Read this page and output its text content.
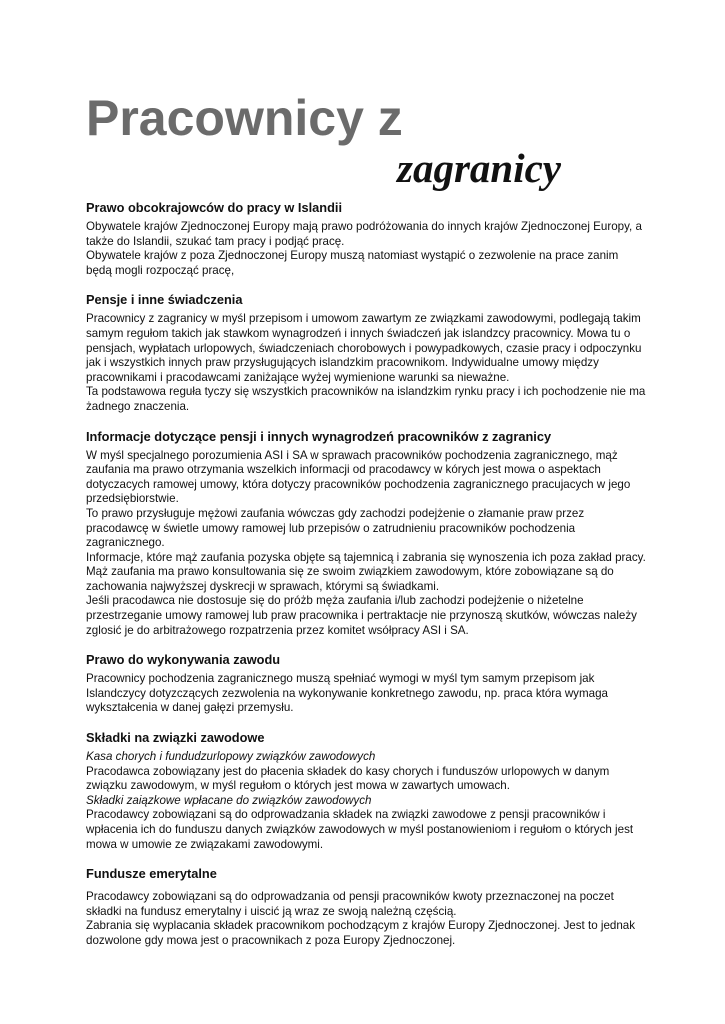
Pracownicy z
zagranicy
Prawo obcokrajowców do pracy w Islandii

Obywatele krajów Zjednoczonej Europy mają prawo podróżowania do innych krajów Zjednoczonej Europy, a także do Islandii, szukać tam pracy i podjąć pracę.

Obywatele krajów z poza Zjednoczonej Europy muszą natomiast wystąpić o zezwolenie na prace zanim będą mogli rozpocząć pracę,

Pensje i inne świadczenia

Pracownicy z zagranicy w myśl przepisom i umowom zawartym ze związkami zawodowymi, podlegają takim samym regułom takich jak stawkom wynagrodzeń i innych świadczeń jak islandzcy pracownicy. Mowa tu o pensjach, wypłatach urlopowych, świadczeniach chorobowych i powypadkowych, czasie pracy i odpoczynku jak i wszystkich innych praw przysługujących islandzkim pracownikom. Indywidualne umowy między pracownikami i pracodawcami zaniżające wyżej wymienione warunki sa nieważne.

Ta podstawowa reguła tyczy się wszystkich pracowników na islandzkim rynku pracy i ich pochodzenie nie ma żadnego znaczenia.

Informacje dotyczące pensji i innych wynagrodzeń pracowników z zagranicy

W myśl specjalnego porozumienia ASI i SA w sprawach pracowników pochodzenia zagranicznego, mąż zaufania ma prawo otrzymania wszelkich informacji od pracodawcy w kórych jest mowa o aspektach dotyczacych ramowej umowy, która dotyczy pracowników pochodzenia zagranicznego pracujacych w jego przedsiębiorstwie.

To prawo przysługuje mężowi zaufania wówczas gdy zachodzi podejżenie o złamanie praw przez pracodawcę w świetle umowy ramowej lub przepisów o zatrudnieniu pracowników pochodzenia zagranicznego.

Informacje, które mąż zaufania pozyska objęte są tajemnicą i zabrania się wynoszenia ich poza zakład pracy. Mąż zaufania ma prawo konsultowania się ze swoim związkiem zawodowym, które zobowiązane są do zachowania najwyższej dyskrecji w sprawach, którymi są świadkami.

Jeśli pracodawca nie dostosuje się do próżb męża zaufania i/lub zachodzi podejżenie o niżetelne przestrzeganie umowy ramowej lub praw pracownika i pertraktacje nie przynoszą skutków, wówczas należy zglosić je do arbitrażowego rozpatrzenia przez komitet wsółpracy ASI i SA.

Prawo do wykonywania zawodu

Pracownicy pochodzenia zagranicznego muszą spełniać wymogi w myśl tym samym przepisom jak Islandczycy dotyzczących zezwolenia na wykonywanie konkretnego zawodu, np. praca która wymaga wykształcenia w danej gałęzi przemysłu.

Składki na związki zawodowe

Kasa chorych i fundudzurlopowy związków zawodowych

Pracodawca zobowiązany jest do płacenia składek do kasy chorych i funduszów urlopowych w danym związku zawodowym, w myśl regułom o których jest mowa w zawartych umowach.

Składki zaiązkowe wpłacane do związków zawodowych

Pracodawcy zobowiązani są do odprowadzania składek na związki zawodowe z pensji pracowników i wpłacenia ich do funduszu danych związków zawodowych w myśl postanowieniom i regułom o których jest mowa w umowie ze związakami zawodowymi.

Fundusze emerytalne

Pracodawcy zobowiązani są do odprowadzania od pensji pracowników kwoty przeznaczonej na poczet składki na fundusz emerytalny i uiscić ją wraz ze swoją należną częścią.

Zabrania się wyplacania składek pracownikom pochodzącym z krajów Europy Zjednoczonej. Jest to jednak dozwolone gdy mowa jest o pracownikach z poza Europy Zjednoczonej.
